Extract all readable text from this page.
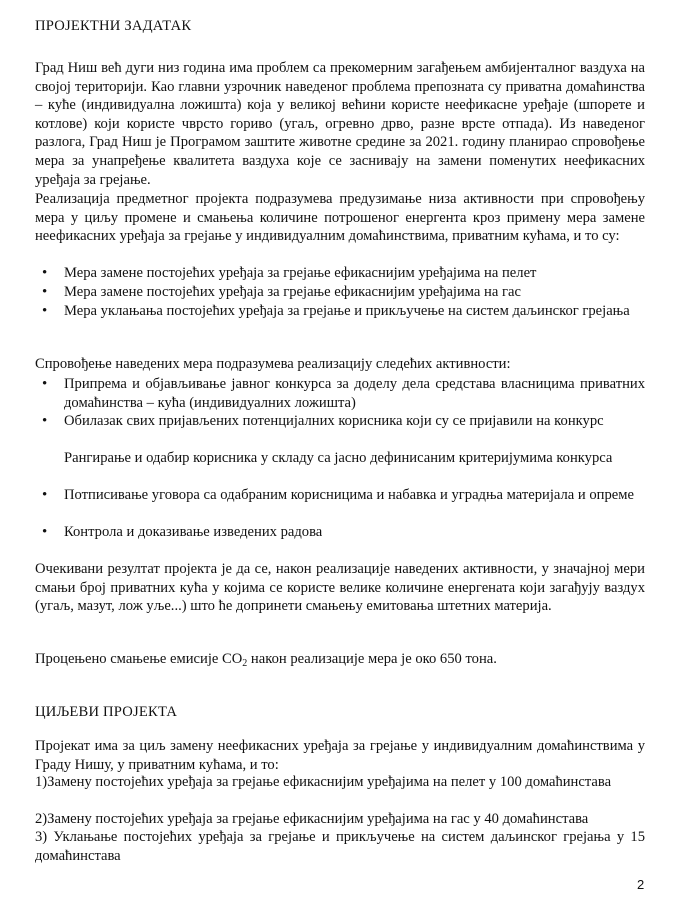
ПРОЈЕКТНИ ЗАДАТАК

Град Ниш већ дуги низ година има проблем са прекомерним загађењем амбијенталног ваздуха на својој територији. Као главни узрочник наведеног проблема препозната су приватна домаћинства – куће (индивидуална ложишта) која у великој већини користе неефикасне уређаје (шпорете и котлове) који користе чврсто гориво (угаљ, огревно дрво, разне врсте отпада). Из наведеног разлога, Град Ниш је Програмом заштите животне средине за 2021. годину планирао спровођење мера за унапређење квалитета ваздуха које се заснивају на замени поменутих неефикасних уређаја за грејање.

Реализација предметног пројекта подразумева предузимање низа активности при спровођењу мера у циљу промене и смањења количине потрошеног енергента кроз примену мера замене неефикасних уређаја за грејање у индивидуалним домаћинствима, приватним кућама, и то су:

• Мера замене постојећих уређаја за грејање ефикаснијим уређајима на пелет

• Мера замене постојећих уређаја за грејање ефикаснијим уређајима на гас

• Мера уклањања постојећих уређаја за грејање и прикључење на систем даљинског грејања

Спровођење наведених мера подразумева реализацију следећих активности:

• Припрема и објављивање јавног конкурса за доделу дела средстава власницима приватних домаћинства – кућа (индивидуалних ложишта)

• Обилазак свих пријављених потенцијалних корисника који су се пријавили на конкурс

Рангирање и одабир корисника у складу са јасно дефинисаним критеријумима конкурса

• Потписивање уговора са одабраним корисницима и набавка и уградња материјала и опреме

• Контрола и доказивање изведених радова

Очекивани резултат пројекта је да се, након реализације наведених активности, у значајној мери смањи број приватних кућа у којима се користе велике количине енергената који загађују ваздух (угаљ, мазут, лож уље...) што ће допринети смањењу емитовања штетних материја.

Процењено смањење емисије $CO_2$ након реализације мера је око 650 тона.

ЦИЉЕВИ ПРОЈЕКТА

Пројекат има за циљ замену неефикасних уређаја за грејање у индивидуалним домаћинствима у Граду Нишу, у приватним кућама, и то:

1)Замену постојећих уређаја за грејање ефикаснијим уређајима на пелет у 100 домаћинстава

2)Замену постојећих уређаја за грејање ефикаснијим уређајима на гас у 40 домаћинстава

3) Уклањање постојећих уређаја за грејање и прикључење на систем даљинског грејања у 15 домаћинстава

2
